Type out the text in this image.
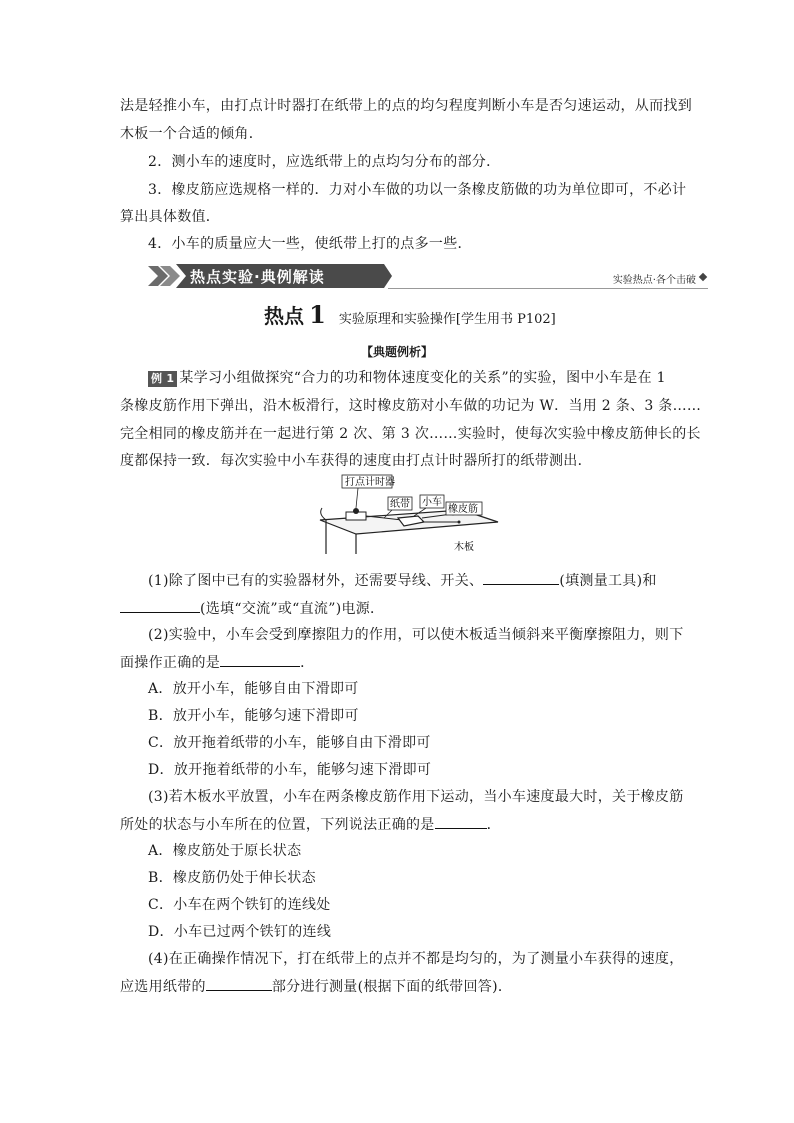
法是轻推小车，由打点计时器打在纸带上的点的均匀程度判断小车是否匀速运动，从而找到
木板一个合适的倾角．
2．测小车的速度时，应选纸带上的点均匀分布的部分．
3．橡皮筋应选规格一样的．力对小车做的功以一条橡皮筋做的功为单位即可，不必计
算出具体数值．
4．小车的质量应大一些，使纸带上打的点多一些．
热点实验·典例解读	实验热点·各个击破
热点 1 实验原理和实验操作[学生用书 P102]
【典题例析】
例 1 某学习小组做探究“合力的功和物体速度变化的关系”的实验，图中小车是在 1
条橡皮筋作用下弹出，沿木板滑行，这时橡皮筋对小车做的功记为 W．当用 2 条、3 条……
完全相同的橡皮筋并在一起进行第 2 次、第 3 次……实验时，使每次实验中橡皮筋伸长的长
度都保持一致．每次实验中小车获得的速度由打点计时器所打的纸带测出．
打点计时器
纸带 小车
橡皮筋
木板
(1)除了图中已有的实验器材外，还需要导线、开关、	(填测量工具)和
(选填“交流”或“直流”)电源．
(2)实验中，小车会受到摩擦阻力的作用，可以使木板适当倾斜来平衡摩擦阻力，则下
面操作正确的是	．
A．放开小车，能够自由下滑即可
B．放开小车，能够匀速下滑即可
C．放开拖着纸带的小车，能够自由下滑即可
D．放开拖着纸带的小车，能够匀速下滑即可
(3)若木板水平放置，小车在两条橡皮筋作用下运动，当小车速度最大时，关于橡皮筋
所处的状态与小车所在的位置，下列说法正确的是	．
A．橡皮筋处于原长状态
B．橡皮筋仍处于伸长状态
C．小车在两个铁钉的连线处
D．小车已过两个铁钉的连线
(4)在正确操作情况下，打在纸带上的点并不都是均匀的，为了测量小车获得的速度，
应选用纸带的	部分进行测量(根据下面的纸带回答)．
